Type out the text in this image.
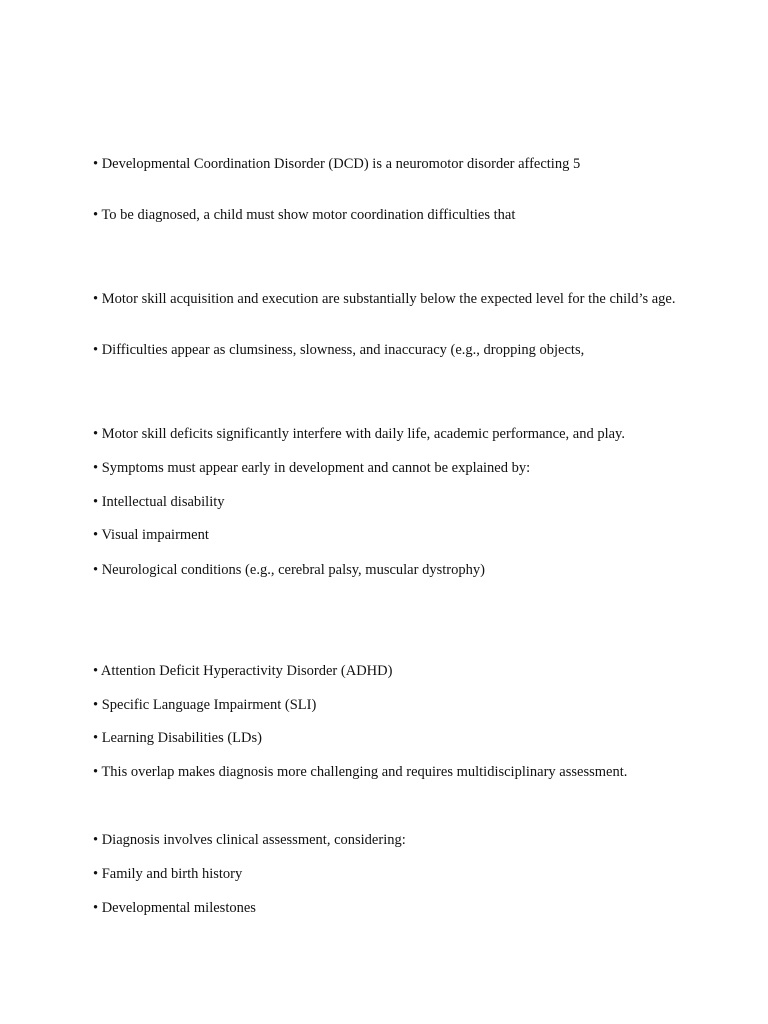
• Developmental Coordination Disorder (DCD) is a neuromotor disorder affecting 5

• To be diagnosed, a child must show motor coordination difficulties that

• Motor skill acquisition and execution are substantially below the expected level for the child’s age.

• Difficulties appear as clumsiness, slowness, and inaccuracy (e.g., dropping objects,

• Motor skill deficits significantly interfere with daily life, academic performance, and play.

• Symptoms must appear early in development and cannot be explained by:

• Intellectual disability

• Visual impairment

• Neurological conditions (e.g., cerebral palsy, muscular dystrophy)

• Attention Deficit Hyperactivity Disorder (ADHD)

• Specific Language Impairment (SLI)

• Learning Disabilities (LDs)

• This overlap makes diagnosis more challenging and requires multidisciplinary assessment.

• Diagnosis involves clinical assessment, considering:

• Family and birth history

• Developmental milestones
